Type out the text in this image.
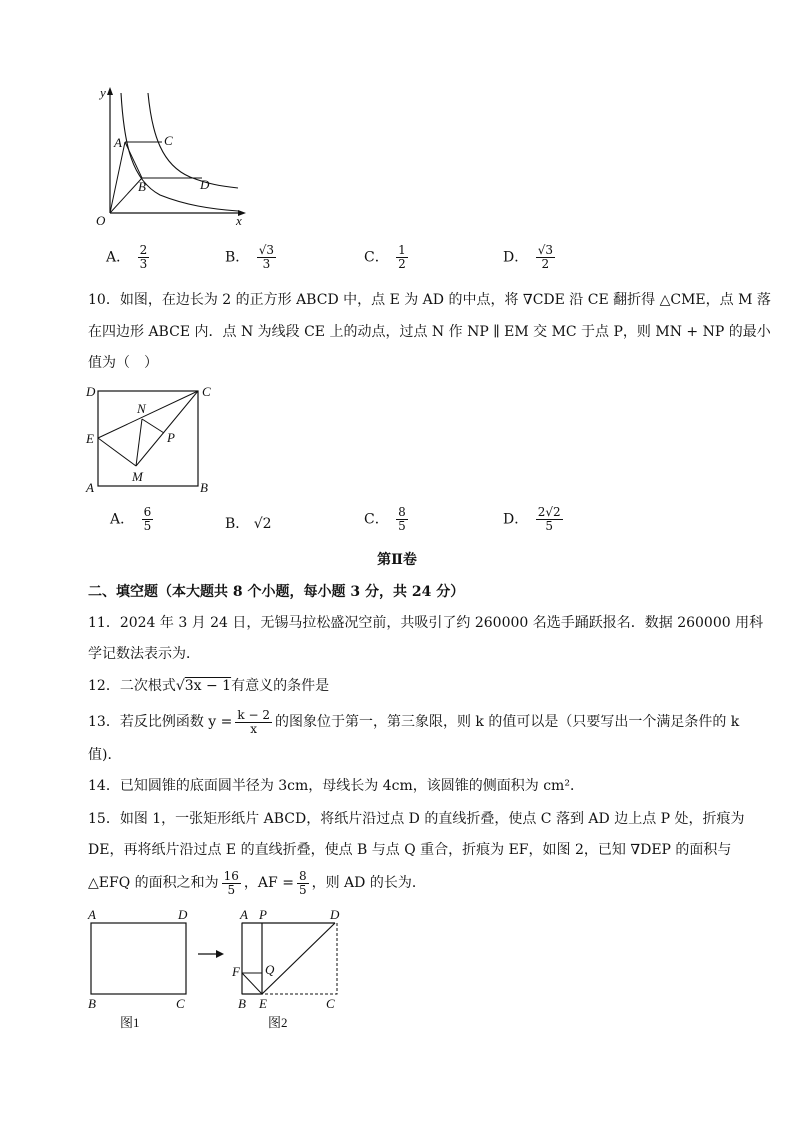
y
x
O
A
B
C
D
A． $\frac{2}{3}$	B． $\frac{√3}{3}$	C． $\frac{1}{2}$	D． $\frac{√3}{2}$
10．如图，在边长为 2 的正方形 ABCD 中，点 E 为 AD 的中点，将 ∇CDE 沿 CE 翻折得 △CME，点 M 落
在四边形 ABCE 内．点 N 为线段 CE 上的动点，过点 N 作 NP ∥ EM 交 MC 于点 P，则 MN + NP 的最小
值为（　）
D	C
E
N
P
M
A	B
A． $\frac{6}{5}$	B． √2	C． $\frac{8}{5}$	D． $\frac{2√2}{5}$
第Ⅱ卷
二、填空题（本大题共 8 个小题，每小题 3 分，共 24 分）
11．2024 年 3 月 24 日，无锡马拉松盛况空前，共吸引了约 260000 名选手踊跃报名．数据 260000 用科
学记数法表示为．
12．二次根式√3x − 1有意义的条件是
13．若反比例函数 $y = \frac{k - 2}{x}$ 的图象位于第一，第三象限，则 k 的值可以是（只要写出一个满足条件的 k
值)．
14．已知圆锥的底面圆半径为 3cm，母线长为 4cm，该圆锥的侧面积为 cm²．
15．如图 1，一张矩形纸片 ABCD，将纸片沿过点 D 的直线折叠，使点 C 落到 AD 边上点 P 处，折痕为
DE，再将纸片沿过点 E 的直线折叠，使点 B 与点 Q 重合，折痕为 EF，如图 2，已知 ∇DEP 的面积与
△EFQ 的面积之和为 $\frac{16}{5}$ ，AF = $\frac{8}{5}$ ，则 AD 的长为．
A	D
B	C
图1
A P	D
F Q
B E	C
图2
